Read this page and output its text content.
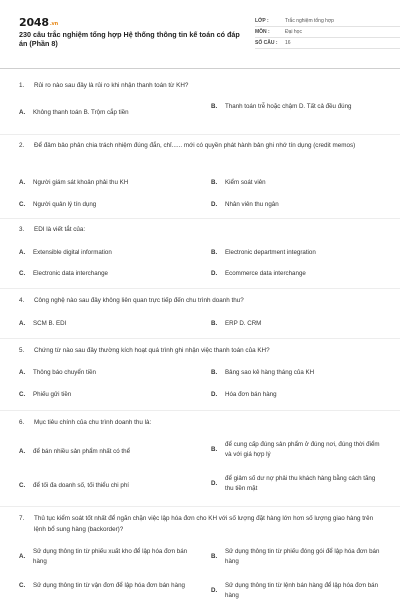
2048.vn
230 câu trắc nghiệm tổng hợp Hệ thống thông tin kế toán có đáp án (Phần 8)
LỚP :	Trắc nghiệm tổng hợp
MÔN :	Đại học
SỐ CÂU :	16
1. Rủi ro nào sau đây là rủi ro khi nhận thanh toán từ KH?
A.	Không thanh toán B. Trộm cắp tiền
B.	Thanh toán trễ hoặc chậm D. Tất cả đều đúng
2.	Để đảm bảo phân chia trách nhiệm đúng đắn, chỉ...... mới có quyền phát hành bản ghi nhớ tín dụng (credit memos)
A.	Người giám sát khoản phải thu KH	B.	Kiểm soát viên
C.	Người quản lý tín dụng	D.	Nhân viên thu ngân
3. EDI là viết tắt của:
A.	Extensible digital information	B.	Electronic department integration
C.	Electronic data interchange	D.	Ecommerce data interchange
4. Công nghệ nào sau đây không liên quan trực tiếp đến chu trình doanh thu?
A.	SCM B. EDI	B.	ERP D. CRM
5. Chứng từ nào sau đây thường kích hoạt quá trình ghi nhận việc thanh toán của KH?
A.	Thông báo chuyển tiền	B.	Bảng sao kê hàng tháng của KH
C.	Phiếu gửi tiền	D.	Hóa đơn bán hàng
6. Mục tiêu chính của chu trình doanh thu là:
A.	để bán nhiều sản phẩm nhất có thể	B.
để cung cấp đúng sản phẩm ở đúng nơi, đúng thời điểm và với giá hợp lý
C.	để tối đa doanh số, tối thiểu chi phí	D.
để giảm số dư nợ phải thu khách hàng bằng cách tăng thu tiền mặt
7.	Thủ tục kiểm soát tốt nhất để ngăn chặn việc lập hóa đơn cho KH với số lượng đặt hàng lớn hơn số lượng giao hàng trên lệnh bổ sung hàng (backorder)?
A.
Sử dụng thông tin từ phiếu xuất kho để lập hóa đơn bán hàng
B.
Sử dụng thông tin từ phiếu đóng gói để lập hóa đơn bán hàng
C.	Sử dụng thông tin từ vận đơn để lập hóa đơn bán hàng
D.
Sử dụng thông tin từ lệnh bán hàng để lập hóa đơn bán hàng
